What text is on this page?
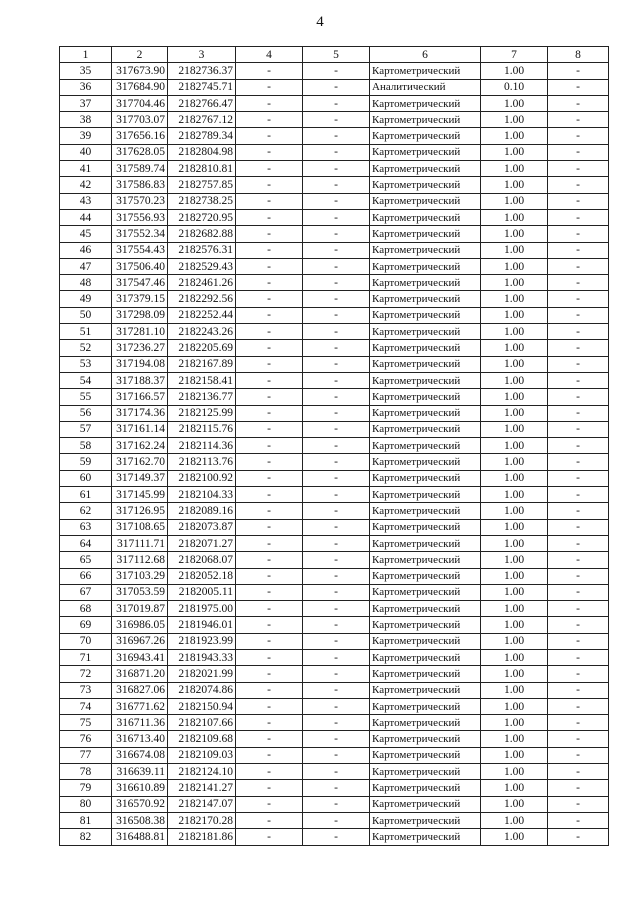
4
1	2	3	4	5	6	7	8
35	317673.90	2182736.37	-	-	Картометрический	1.00	-
36	317684.90	2182745.71	-	-	Аналитический	0.10	-
37	317704.46	2182766.47	-	-	Картометрический	1.00	-
38	317703.07	2182767.12	-	-	Картометрический	1.00	-
39	317656.16	2182789.34	-	-	Картометрический	1.00	-
40	317628.05	2182804.98	-	-	Картометрический	1.00	-
41	317589.74	2182810.81	-	-	Картометрический	1.00	-
42	317586.83	2182757.85	-	-	Картометрический	1.00	-
43	317570.23	2182738.25	-	-	Картометрический	1.00	-
44	317556.93	2182720.95	-	-	Картометрический	1.00	-
45	317552.34	2182682.88	-	-	Картометрический	1.00	-
46	317554.43	2182576.31	-	-	Картометрический	1.00	-
47	317506.40	2182529.43	-	-	Картометрический	1.00	-
48	317547.46	2182461.26	-	-	Картометрический	1.00	-
49	317379.15	2182292.56	-	-	Картометрический	1.00	-
50	317298.09	2182252.44	-	-	Картометрический	1.00	-
51	317281.10	2182243.26	-	-	Картометрический	1.00	-
52	317236.27	2182205.69	-	-	Картометрический	1.00	-
53	317194.08	2182167.89	-	-	Картометрический	1.00	-
54	317188.37	2182158.41	-	-	Картометрический	1.00	-
55	317166.57	2182136.77	-	-	Картометрический	1.00	-
56	317174.36	2182125.99	-	-	Картометрический	1.00	-
57	317161.14	2182115.76	-	-	Картометрический	1.00	-
58	317162.24	2182114.36	-	-	Картометрический	1.00	-
59	317162.70	2182113.76	-	-	Картометрический	1.00	-
60	317149.37	2182100.92	-	-	Картометрический	1.00	-
61	317145.99	2182104.33	-	-	Картометрический	1.00	-
62	317126.95	2182089.16	-	-	Картометрический	1.00	-
63	317108.65	2182073.87	-	-	Картометрический	1.00	-
64	317111.71	2182071.27	-	-	Картометрический	1.00	-
65	317112.68	2182068.07	-	-	Картометрический	1.00	-
66	317103.29	2182052.18	-	-	Картометрический	1.00	-
67	317053.59	2182005.11	-	-	Картометрический	1.00	-
68	317019.87	2181975.00	-	-	Картометрический	1.00	-
69	316986.05	2181946.01	-	-	Картометрический	1.00	-
70	316967.26	2181923.99	-	-	Картометрический	1.00	-
71	316943.41	2181943.33	-	-	Картометрический	1.00	-
72	316871.20	2182021.99	-	-	Картометрический	1.00	-
73	316827.06	2182074.86	-	-	Картометрический	1.00	-
74	316771.62	2182150.94	-	-	Картометрический	1.00	-
75	316711.36	2182107.66	-	-	Картометрический	1.00	-
76	316713.40	2182109.68	-	-	Картометрический	1.00	-
77	316674.08	2182109.03	-	-	Картометрический	1.00	-
78	316639.11	2182124.10	-	-	Картометрический	1.00	-
79	316610.89	2182141.27	-	-	Картометрический	1.00	-
80	316570.92	2182147.07	-	-	Картометрический	1.00	-
81	316508.38	2182170.28	-	-	Картометрический	1.00	-
82	316488.81	2182181.86	-	-	Картометрический	1.00	-
